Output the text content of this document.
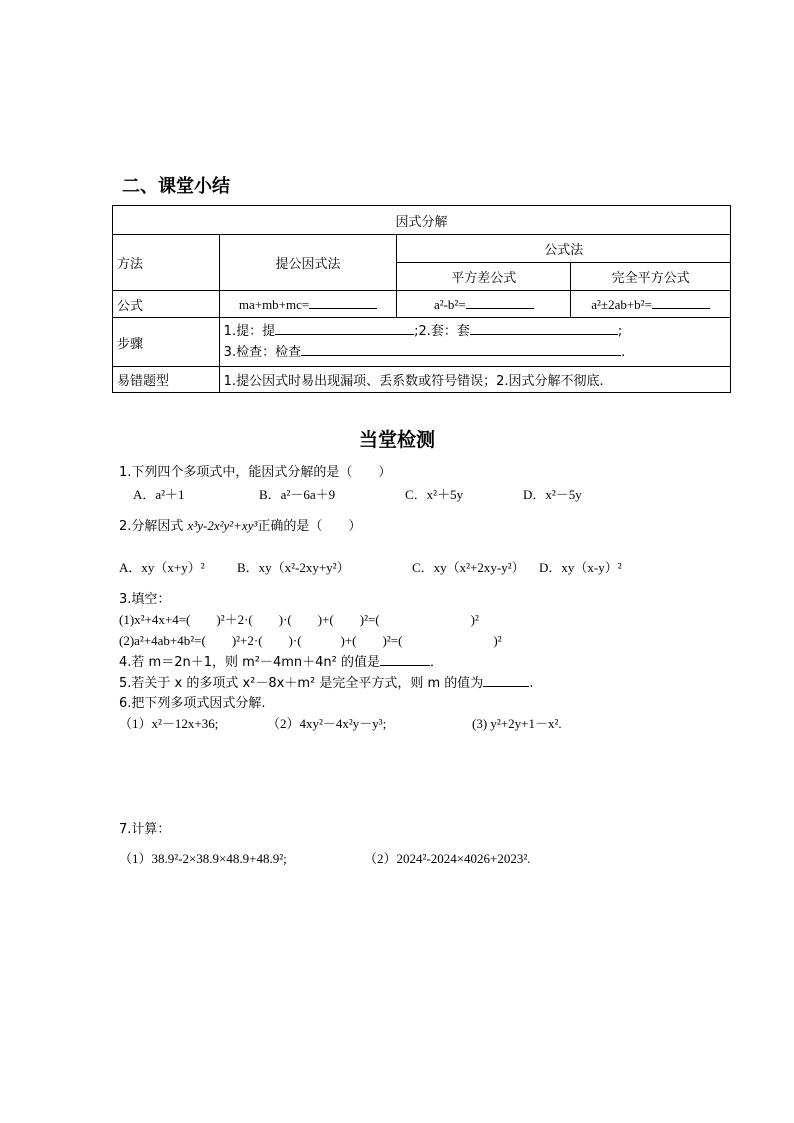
二、课堂小结
因式分解			
方法	提公因式法	公式法	
		平方差公式	完全平方公式
公式	ma+mb+mc=	a²-b²=	a²±2ab+b²=
步骤	1.提：提 ;2.套：套 ;
3.检查：检查 .		

易错题型	1.提公因式时易出现漏项、丢系数或符号错误；2.因式分解不彻底.		
当堂检测
1.下列四个多项式中，能因式分解的是（　　）
A．a²＋1	B．a²－6a＋9	C．x²＋5y	D．x²－5y
2.分解因式 x³y-2x²y²+xy³正确的是（　　）
A．xy（x+y）² B．xy（x²-2xy+y²）	C．xy（x²+2xy-y²） D．xy（x-y）²
3.填空：
(1)x²+4x+4=(　　)²＋2·(　　)·(　　)+(　　)²=(　　　　　　　)²
(2)a²+4ab+4b²=(　　)²+2·(　　)·(　　　)+(　　)²=(　　　　　　　)²
4.若 m＝2n＋1，则 m²－4mn＋4n² 的值是	．
5.若关于 x 的多项式 x²－8x＋m² 是完全平方式，则 m 的值为	.
6.把下列多项式因式分解.
（1）x²－12x+36;	（2）4xy²－4x²y－y³;	(3) y²+2y+1－x².
7.计算：
（1）38.9²-2×38.9×48.9+48.9²;	（2）2024²-2024×4026+2023².
